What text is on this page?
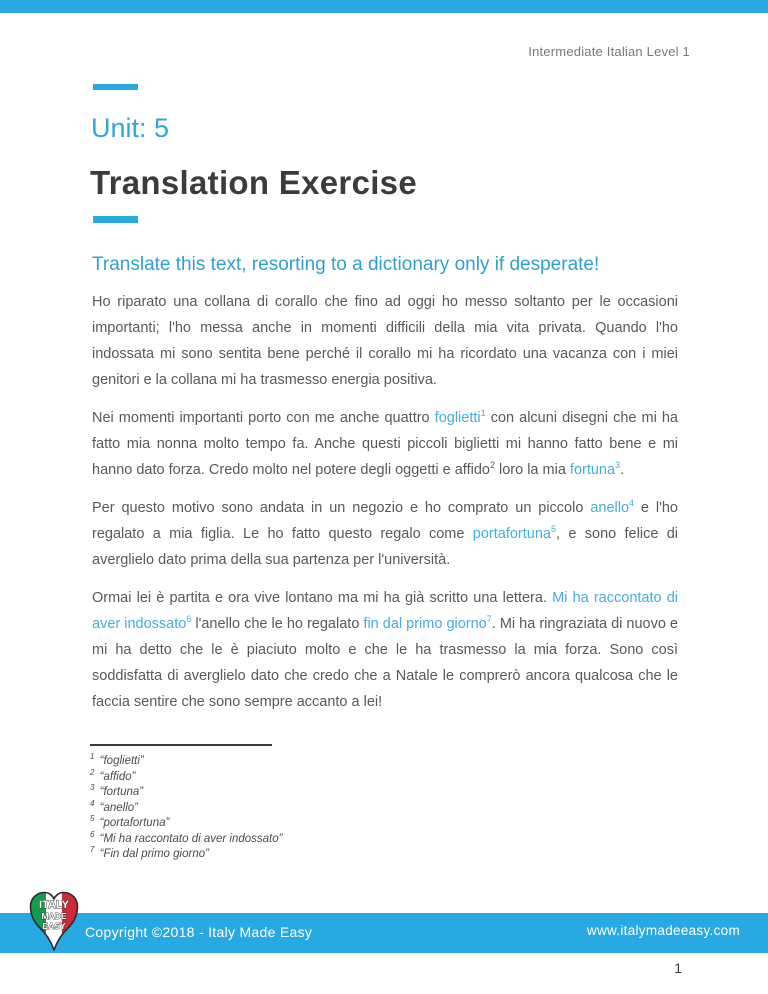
Intermediate Italian Level 1
Unit: 5
Translation Exercise
Translate this text, resorting to a dictionary only if desperate!

Ho riparato una collana di corallo che fino ad oggi ho messo soltanto per le occasioni importanti; l'ho messa anche in momenti difficili della mia vita privata. Quando l'ho indossata mi sono sentita bene perché il corallo mi ha ricordato una vacanza con i miei genitori e la collana mi ha trasmesso energia positiva.

Nei momenti importanti porto con me anche quattro foglietti$^1$ con alcuni disegni che mi ha fatto mia nonna molto tempo fa. Anche questi piccoli biglietti mi hanno fatto bene e mi hanno dato forza. Credo molto nel potere degli oggetti e affido$^2$ loro la mia fortuna$^3$.

Per questo motivo sono andata in un negozio e ho comprato un piccolo anello$^4$ e l'ho regalato a mia figlia. Le ho fatto questo regalo come portafortuna$^5$, e sono felice di averglielo dato prima della sua partenza per l'università.

Ormai lei è partita e ora vive lontano ma mi ha già scritto una lettera. Mi ha raccontato di aver indossato$^6$ l'anello che le ho regalato fin dal primo giorno$^7$. Mi ha ringraziata di nuovo e mi ha detto che le è piaciuto molto e che le ha trasmesso la mia forza. Sono così soddisfatta di averglielo dato che credo che a Natale le comprerò ancora qualcosa che le faccia sentire che sono sempre accanto a lei!

$^1$ “foglietti”
$^2$ “affido”
$^3$ “fortuna”
$^4$ “anello”
$^5$ “portafortuna”
$^6$ “Mi ha raccontato di aver indossato”
$^7$ “Fin dal primo giorno”
ITALY
MADE
EASY Copyright ©2018 - Italy Made Easy	www.italymadeeasy.com
1
